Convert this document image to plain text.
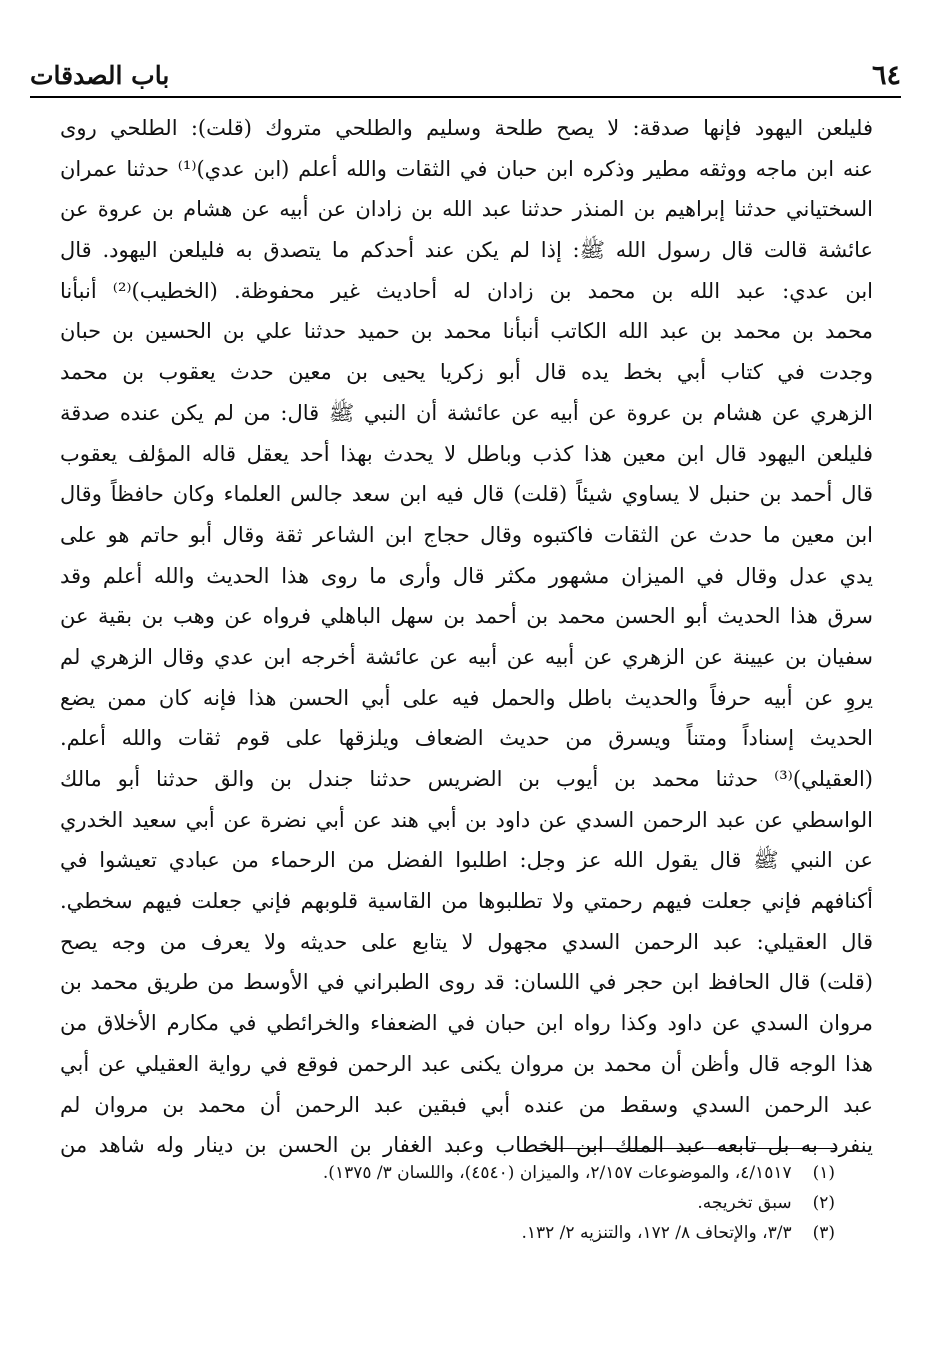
٦٤
باب الصدقات
فليلعن اليهود فإنها صدقة: لا يصح طلحة وسليم والطلحي متروك (قلت): الطلحي روى
عنه ابن ماجه ووثقه مطير وذكره ابن حبان في الثقات والله أعلم (ابن عدي)⁽¹⁾ حدثنا عمران
السختياني حدثنا إبراهيم بن المنذر حدثنا عبد الله بن زادان عن أبيه عن هشام بن عروة عن
عائشة قالت قال رسول الله ﷺ: إذا لم يكن عند أحدكم ما يتصدق به فليلعن اليهود. قال
ابن عدي: عبد الله بن محمد بن زادان له أحاديث غير محفوظة. (الخطيب)⁽²⁾ أنبأنا
محمد بن محمد بن عبد الله الكاتب أنبأنا محمد بن حميد حدثنا علي بن الحسين بن حبان
وجدت في كتاب أبي بخط يده قال أبو زكريا يحيى بن معين حدث يعقوب بن محمد
الزهري عن هشام بن عروة عن أبيه عن عائشة أن النبي ﷺ قال: من لم يكن عنده صدقة
فليلعن اليهود قال ابن معين هذا كذب وباطل لا يحدث بهذا أحد يعقل قاله المؤلف يعقوب
قال أحمد بن حنبل لا يساوي شيئاً (قلت) قال فيه ابن سعد جالس العلماء وكان حافظاً وقال
ابن معين ما حدث عن الثقات فاكتبوه وقال حجاج ابن الشاعر ثقة وقال أبو حاتم هو على
يدي عدل وقال في الميزان مشهور مكثر قال وأرى ما روى هذا الحديث والله أعلم وقد
سرق هذا الحديث أبو الحسن محمد بن أحمد بن سهل الباهلي فرواه عن وهب بن بقية عن
سفيان بن عيينة عن الزهري عن أبيه عن أبيه عن عائشة أخرجه ابن عدي وقال الزهري لم
يروِ عن أبيه حرفاً والحديث باطل والحمل فيه على أبي الحسن هذا فإنه كان ممن يضع
الحديث إسناداً ومتناً ويسرق من حديث الضعاف ويلزقها على قوم ثقات والله أعلم.
(العقيلي)⁽³⁾ حدثنا محمد بن أيوب بن الضريس حدثنا جندل بن والق حدثنا أبو مالك
الواسطي عن عبد الرحمن السدي عن داود بن أبي هند عن أبي نضرة عن أبي سعيد الخدري
عن النبي ﷺ قال يقول الله عز وجل: اطلبوا الفضل من الرحماء من عبادي تعيشوا في
أكنافهم فإني جعلت فيهم رحمتي ولا تطلبوها من القاسية قلوبهم فإني جعلت فيهم سخطي.
قال العقيلي: عبد الرحمن السدي مجهول لا يتابع على حديثه ولا يعرف من وجه يصح
(قلت) قال الحافظ ابن حجر في اللسان: قد روى الطبراني في الأوسط من طريق محمد بن
مروان السدي عن داود وكذا رواه ابن حبان في الضعفاء والخرائطي في مكارم الأخلاق من
هذا الوجه قال وأظن أن محمد بن مروان يكنى عبد الرحمن فوقع في رواية العقيلي عن أبي
عبد الرحمن السدي وسقط من عنده أبي فبقين عبد الرحمن أن محمد بن مروان لم
ينفرد به بل تابعه عبد الملك ابن الخطاب وعبد الغفار بن الحسن بن دينار وله شاهد من
(١) ٤/١٥١٧، والموضوعات ٢/١٥٧، والميزان (٤٥٤٠)، واللسان ٣/ ١٣٧٥).
(٢) سبق تخريجه.
(٣) ٣/٣، والإتحاف ٨/ ١٧٢، والتنزيه ٢/ ١٣٢.
